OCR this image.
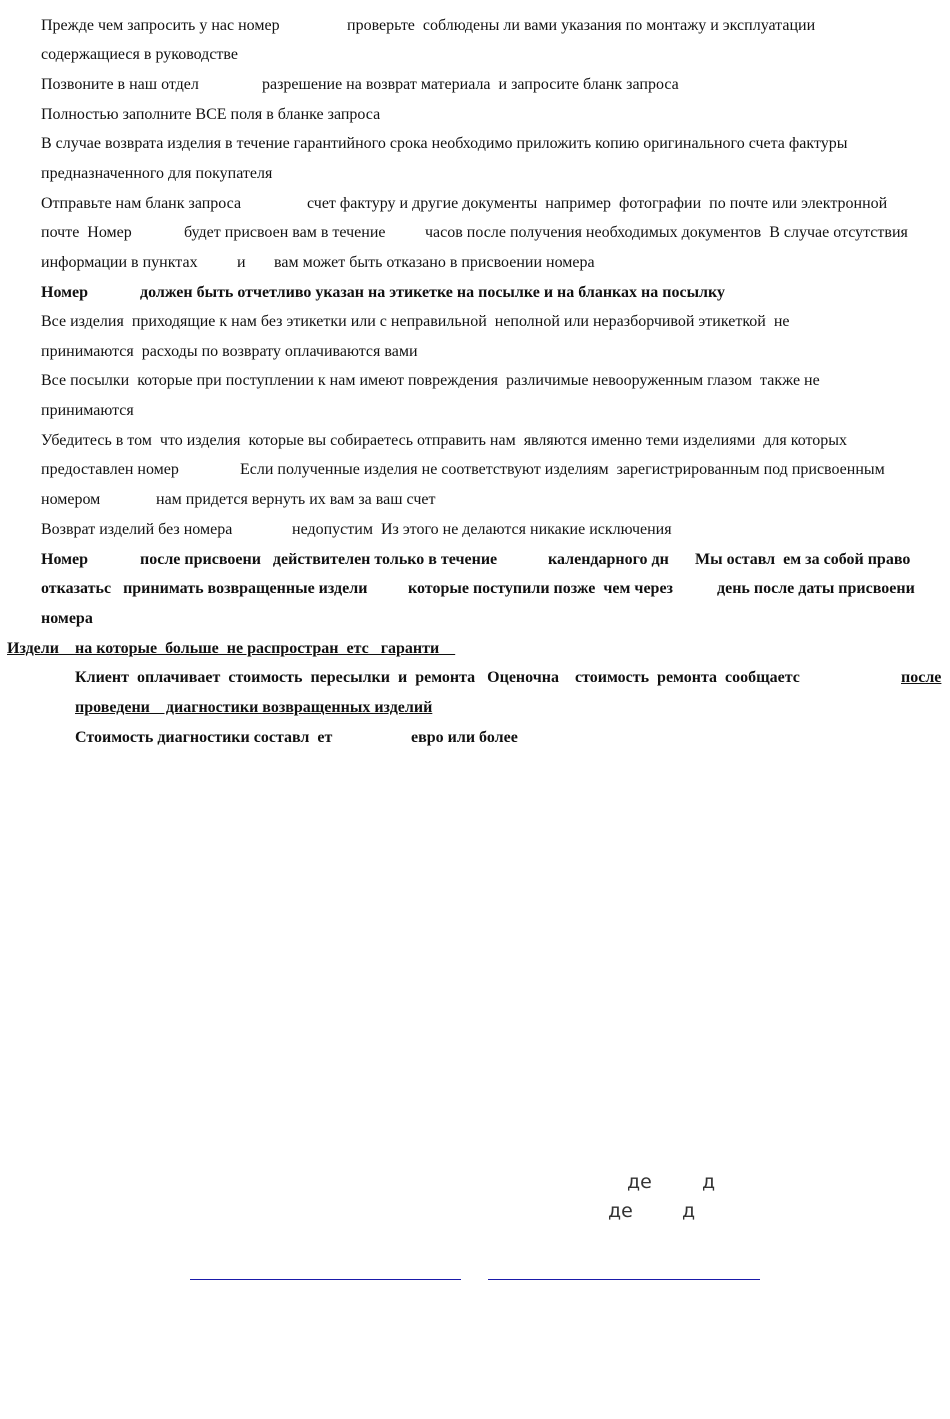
Прежде чем запросить у нас номер	проверьте  соблюдены ли вами указания по монтажу и эксплуатации
содержащиеся в руководстве
Позвоните в наш отдел	разрешение на возврат материала  и запросите бланк запроса
Полностью заполните ВСЕ поля в бланке запроса
В случае возврата изделия в течение гарантийного срока необходимо приложить копию оригинального счета фактуры
предназначенного для покупателя
Отправьте нам бланк запроса	счет фактуру и другие документы  например  фотографии  по почте или электронной
почте  Номер	будет присвоен вам в течение часов после получения необходимых документов  В случае отсутствия
информации в пунктах и вам может быть отказано в присвоении номера
Номер	должен быть отчетливо указан на этикетке на посылке и на бланках на посылку
Все изделия  приходящие к нам без этикетки или с неправильной  неполной или неразборчивой этикеткой  не
принимаются  расходы по возврату оплачиваются вами
Все посылки  которые при поступлении к нам имеют повреждения  различимые невооруженным глазом  также не
принимаются
Убедитесь в том  что изделия  которые вы собираетесь отправить нам  являются именно теми изделиями  для которых
предоставлен номер	Если полученные изделия не соответствуют изделиям  зарегистрированным под присвоенным
номером	нам придется вернуть их вам за ваш счет
Возврат изделий без номера	недопустим  Из этого не делаются никакие исключения
Номер	после присвоени   действителен только в течение	календарного дн Мы оставл  ем за собой право
отказатьс   принимать возвращенные издели	которые поступили позже  чем через	день после даты присвоени
номера
Издели    на которые  больше  не распростран  етс   гаранти
Клиент  оплачивает  стоимость  пересылки  и  ремонта   Оценочна    стоимость  ремонта  сообщаетс	после
проведени    диагностики возвращенных изделий
Стоимость диагностики составл  ет	евро или более
де	д
де	д
